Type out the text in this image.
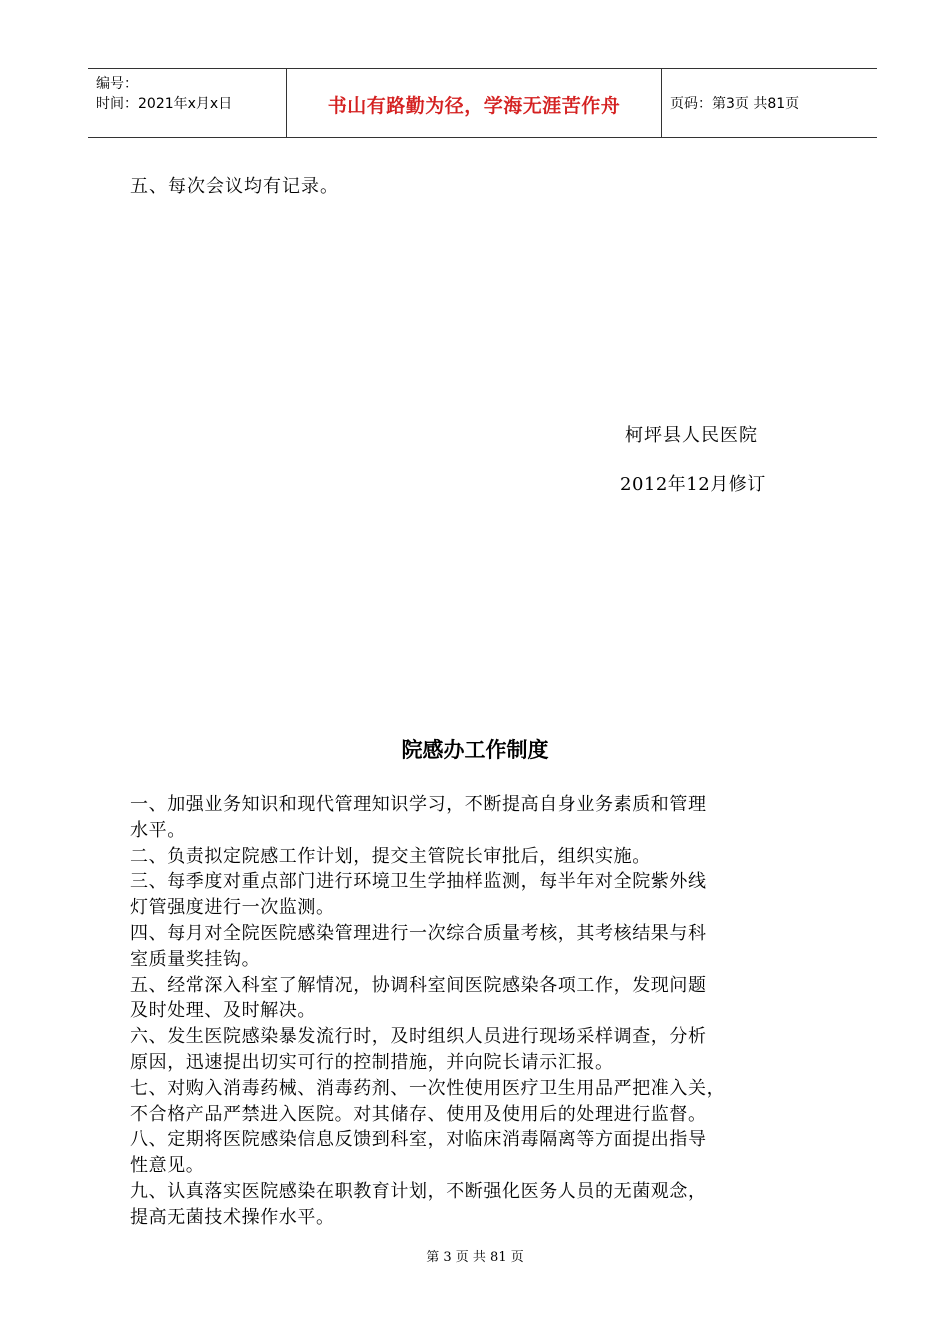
编号：
时间：2021年x月x日	书山有路勤为径，学海无涯苦作舟	页码：第3页 共81页
五、每次会议均有记录。
柯坪县人民医院
2012年12月修订
院感办工作制度
一、加强业务知识和现代管理知识学习，不断提高自身业务素质和管理
水平。
二、负责拟定院感工作计划，提交主管院长审批后，组织实施。
三、每季度对重点部门进行环境卫生学抽样监测，每半年对全院紫外线
灯管强度进行一次监测。
四、每月对全院医院感染管理进行一次综合质量考核，其考核结果与科
室质量奖挂钩。
五、经常深入科室了解情况，协调科室间医院感染各项工作，发现问题
及时处理、及时解决。
六、发生医院感染暴发流行时，及时组织人员进行现场采样调查，分析
原因，迅速提出切实可行的控制措施，并向院长请示汇报。
七、对购入消毒药械、消毒药剂、一次性使用医疗卫生用品严把准入关，
不合格产品严禁进入医院。对其储存、使用及使用后的处理进行监督。
八、定期将医院感染信息反馈到科室，对临床消毒隔离等方面提出指导
性意见。
九、认真落实医院感染在职教育计划，不断强化医务人员的无菌观念，
提高无菌技术操作水平。
第 3 页 共 81 页
